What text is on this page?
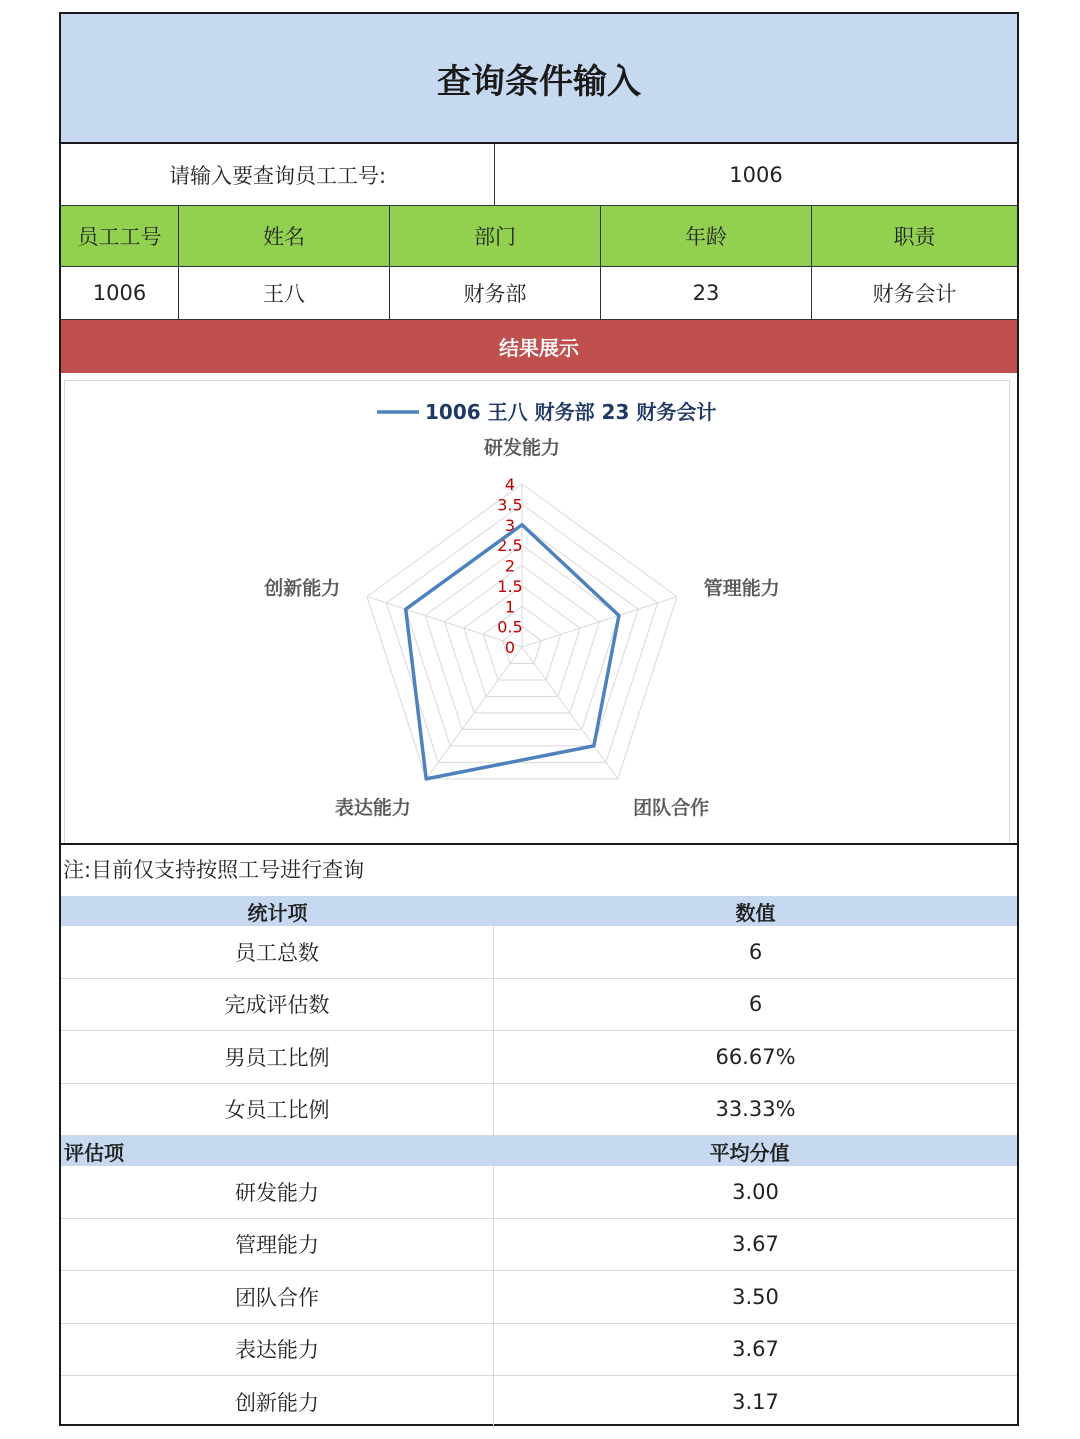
查询条件输入
请输入要查询员工工号:
1006
员工工号	姓名	部门	年龄	职责
1006	王八	财务部	23	财务会计
结果展示
0
0.5
1
1.5
2
2.5
3
3.5
4
研发能力
管理能力
团队合作
表达能力
创新能力
1006 王八 财务部 23 财务会计
注:目前仅支持按照工号进行查询
统计项	数值
员工总数	6
完成评估数	6
男员工比例	66.67%
女员工比例	33.33%
评估项	平均分值
研发能力	3.00
管理能力	3.67
团队合作	3.50
表达能力	3.67
创新能力	3.17
